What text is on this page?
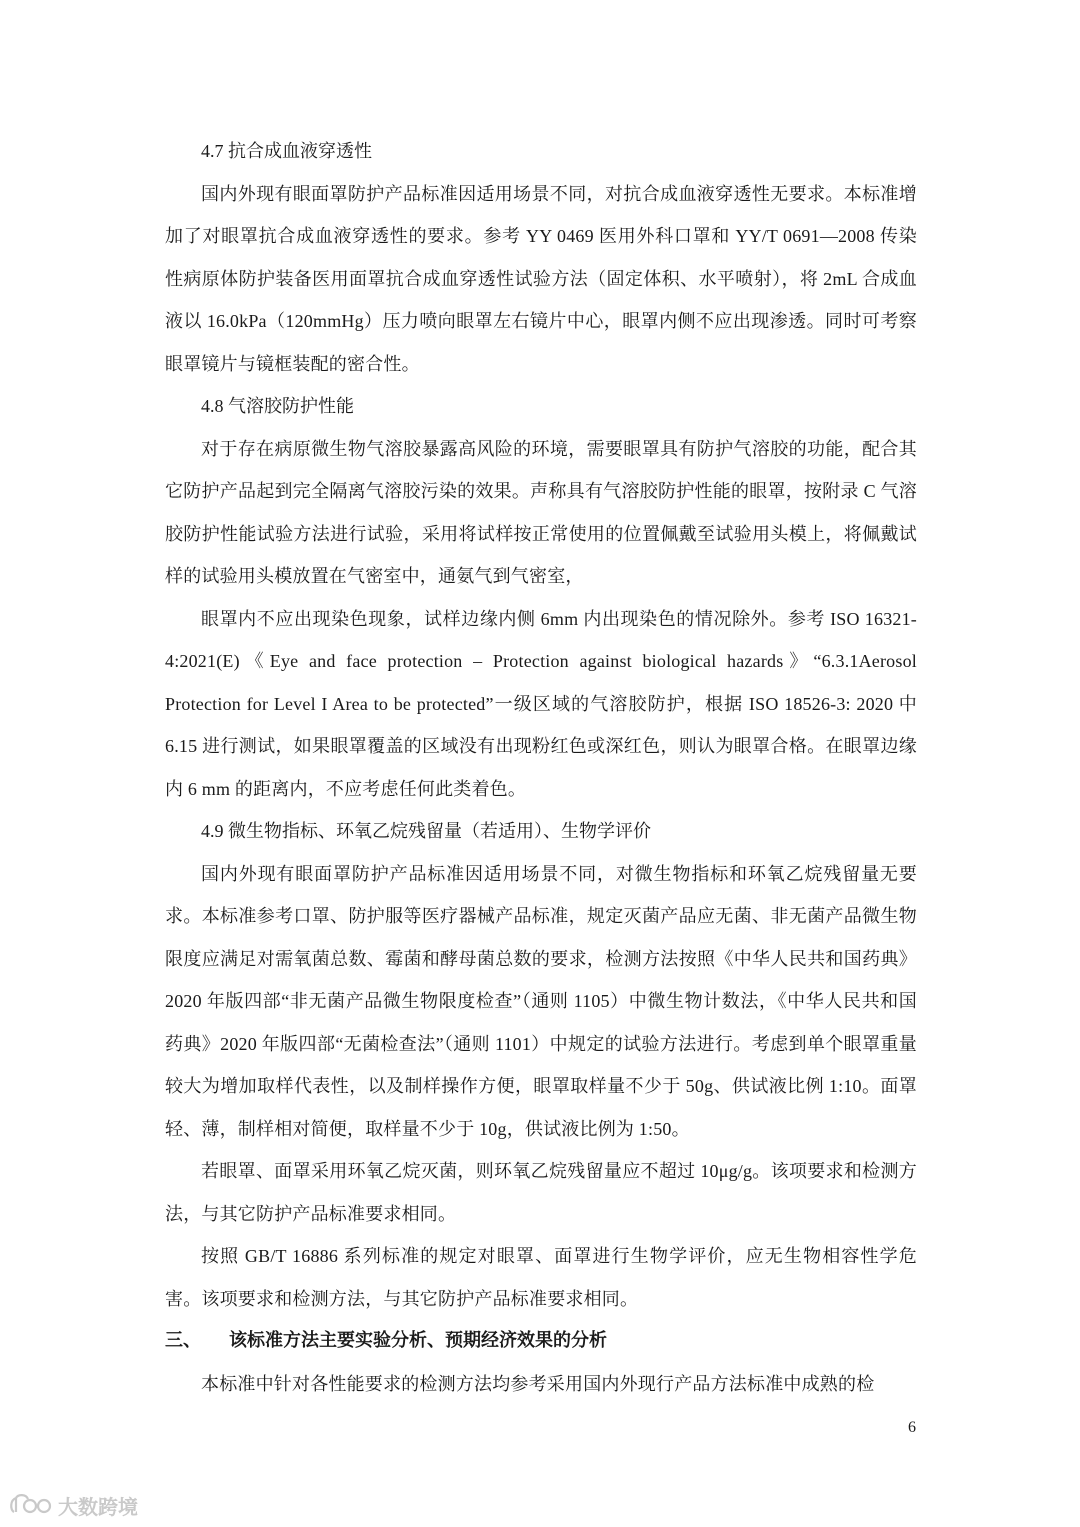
4.7 抗合成血液穿透性

国内外现有眼面罩防护产品标准因适用场景不同，对抗合成血液穿透性无要求。本标准增加了对眼罩抗合成血液穿透性的要求。参考 YY 0469 医用外科口罩和 YY/T 0691—2008 传染性病原体防护装备医用面罩抗合成血穿透性试验方法（固定体积、水平喷射），将 2mL 合成血液以 16.0kPa（120mmHg）压力喷向眼罩左右镜片中心，眼罩内侧不应出现渗透。同时可考察眼罩镜片与镜框装配的密合性。

4.8 气溶胶防护性能

对于存在病原微生物气溶胶暴露高风险的环境，需要眼罩具有防护气溶胶的功能，配合其它防护产品起到完全隔离气溶胶污染的效果。声称具有气溶胶防护性能的眼罩，按附录 C 气溶胶防护性能试验方法进行试验，采用将试样按正常使用的位置佩戴至试验用头模上，将佩戴试样的试验用头模放置在气密室中，通氨气到气密室，

眼罩内不应出现染色现象，试样边缘内侧 6mm 内出现染色的情况除外。参考 ISO 16321-4:2021(E)《Eye and face protection – Protection against biological hazards》“6.3.1Aerosol Protection for Level I Area to be protected”一级区域的气溶胶防护，根据 ISO 18526-3: 2020 中 6.15 进行测试，如果眼罩覆盖的区域没有出现粉红色或深红色，则认为眼罩合格。在眼罩边缘内 6 mm 的距离内，不应考虑任何此类着色。

4.9 微生物指标、环氧乙烷残留量（若适用）、生物学评价

国内外现有眼面罩防护产品标准因适用场景不同，对微生物指标和环氧乙烷残留量无要求。本标准参考口罩、防护服等医疗器械产品标准，规定灭菌产品应无菌、非无菌产品微生物限度应满足对需氧菌总数、霉菌和酵母菌总数的要求，检测方法按照《中华人民共和国药典》2020 年版四部“非无菌产品微生物限度检查”（通则 1105）中微生物计数法，《中华人民共和国药典》2020 年版四部“无菌检查法”（通则 1101）中规定的试验方法进行。考虑到单个眼罩重量较大为增加取样代表性，以及制样操作方便，眼罩取样量不少于 50g、供试液比例 1:10。面罩轻、薄，制样相对简便，取样量不少于 10g，供试液比例为 1:50。

若眼罩、面罩采用环氧乙烷灭菌，则环氧乙烷残留量应不超过 10μg/g。该项要求和检测方法，与其它防护产品标准要求相同。

按照 GB/T 16886 系列标准的规定对眼罩、面罩进行生物学评价，应无生物相容性学危害。该项要求和检测方法，与其它防护产品标准要求相同。

三、 该标准方法主要实验分析、预期经济效果的分析

本标准中针对各性能要求的检测方法均参考采用国内外现行产品方法标准中成熟的检

6
大数跨境
